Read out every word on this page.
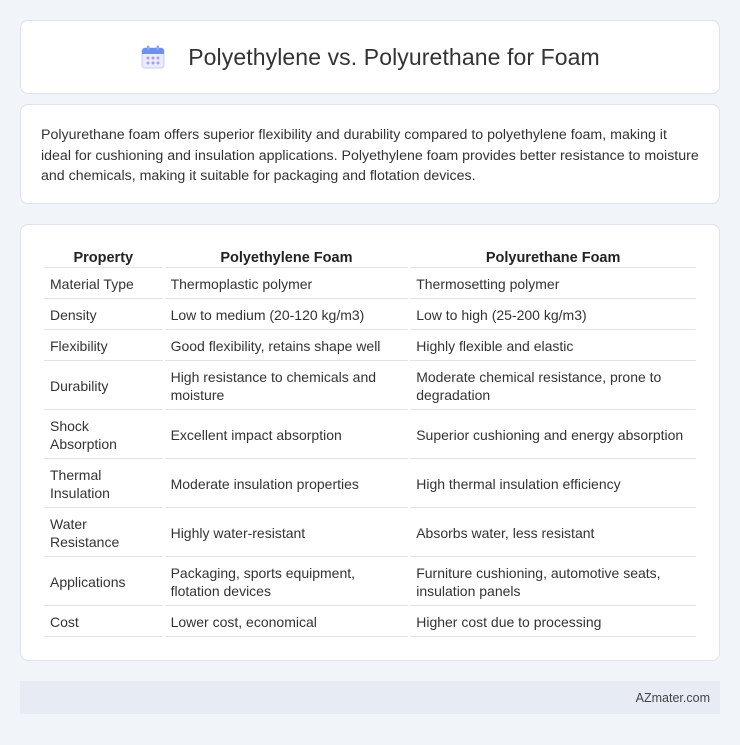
Polyethylene vs. Polyurethane for Foam

Polyurethane foam offers superior flexibility and durability compared to polyethylene foam, making it ideal for cushioning and insulation applications. Polyethylene foam provides better resistance to moisture and chemicals, making it suitable for packaging and flotation devices.

Property	Polyethylene Foam	Polyurethane Foam
Material Type	Thermoplastic polymer	Thermosetting polymer
Density	Low to medium (20-120 kg/m3)	Low to high (25-200 kg/m3)
Flexibility	Good flexibility, retains shape well	Highly flexible and elastic
Durability	High resistance to chemicals and moisture	Moderate chemical resistance, prone to degradation
Shock Absorption	Excellent impact absorption	Superior cushioning and energy absorption
Thermal Insulation	Moderate insulation properties	High thermal insulation efficiency
Water Resistance	Highly water-resistant	Absorbs water, less resistant
Applications	Packaging, sports equipment, flotation devices	Furniture cushioning, automotive seats, insulation panels
Cost	Lower cost, economical	Higher cost due to processing
AZmater.com
